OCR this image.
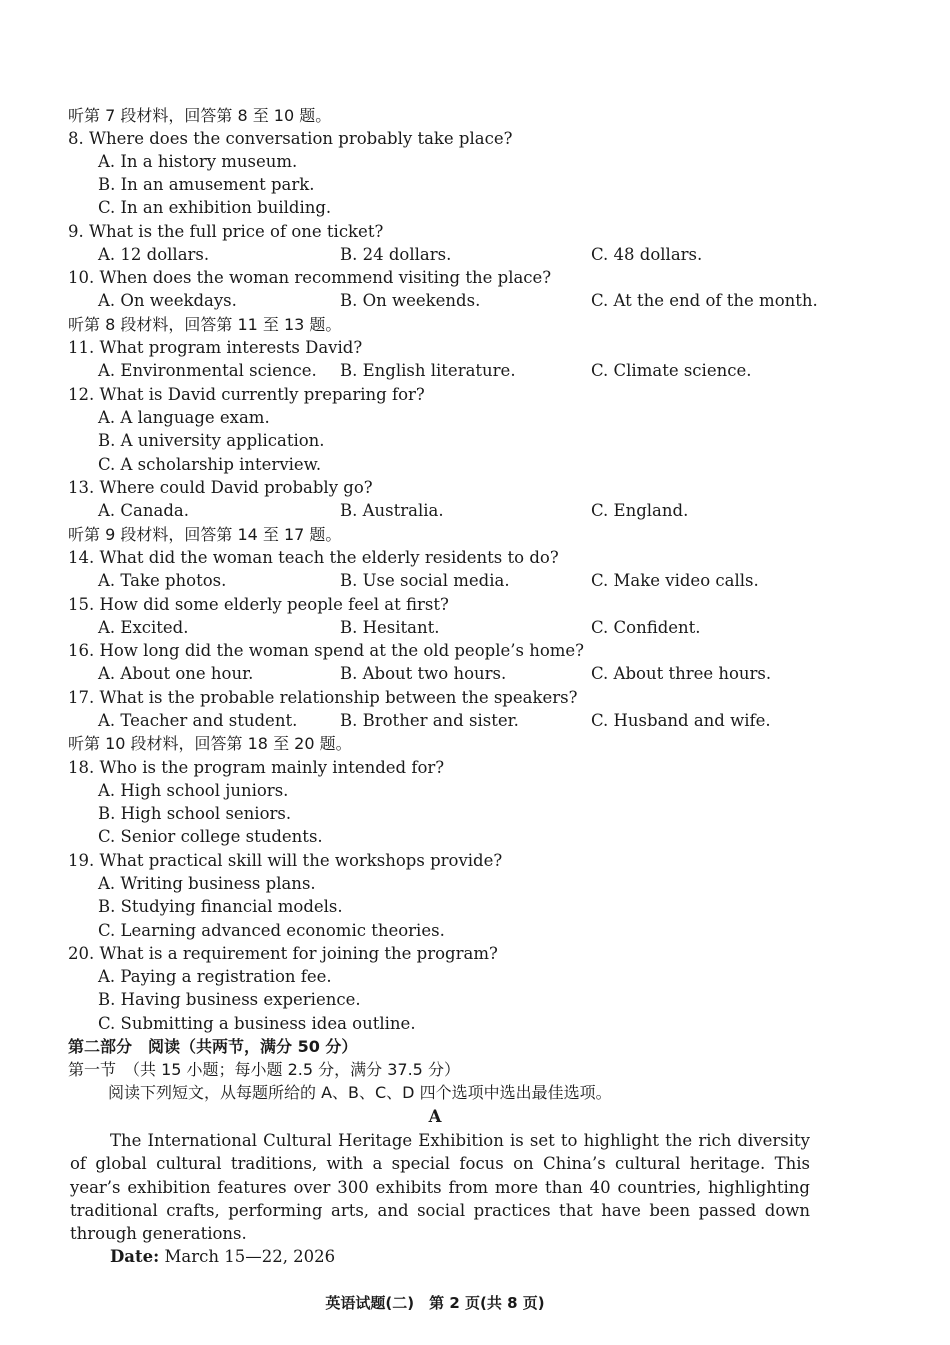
听第 7 段材料，回答第 8 至 10 题。
8. Where does the conversation probably take place?
A. In a history museum.
B. In an amusement park.
C. In an exhibition building.
9. What is the full price of one ticket?
A. 12 dollars.	B. 24 dollars.	C. 48 dollars.
10. When does the woman recommend visiting the place?
A. On weekdays.	B. On weekends.	C. At the end of the month.
听第 8 段材料，回答第 11 至 13 题。
11. What program interests David?
A. Environmental science. B. English literature.	C. Climate science.
12. What is David currently preparing for?
A. A language exam.
B. A university application.
C. A scholarship interview.
13. Where could David probably go?
A. Canada.	B. Australia.	C. England.
听第 9 段材料，回答第 14 至 17 题。
14. What did the woman teach the elderly residents to do?
A. Take photos.	B. Use social media.	C. Make video calls.
15. How did some elderly people feel at first?
A. Excited.	B. Hesitant.	C. Confident.
16. How long did the woman spend at the old people’s home?
A. About one hour.	B. About two hours.	C. About three hours.
17. What is the probable relationship between the speakers?
A. Teacher and student.	B. Brother and sister.	C. Husband and wife.
听第 10 段材料，回答第 18 至 20 题。
18. Who is the program mainly intended for?
A. High school juniors.
B. High school seniors.
C. Senior college students.
19. What practical skill will the workshops provide?
A. Writing business plans.
B. Studying financial models.
C. Learning advanced economic theories.
20. What is a requirement for joining the program?
A. Paying a registration fee.
B. Having business experience.
C. Submitting a business idea outline.
第二部分　阅读（共两节，满分 50 分）
第一节　（共 15 小题；每小题 2.5 分，满分 37.5 分）
阅读下列短文，从每题所给的 A、B、C、D 四个选项中选出最佳选项。
A
The International Cultural Heritage Exhibition is set to highlight the rich diversity of global cultural traditions, with a special focus on China’s cultural heritage. This year’s exhibition features over 300 exhibits from more than 40 countries, highlighting traditional crafts, performing arts, and social practices that have been passed down through generations.
Date: March 15—22, 2026
英语试题(二)　第 2 页(共 8 页)
